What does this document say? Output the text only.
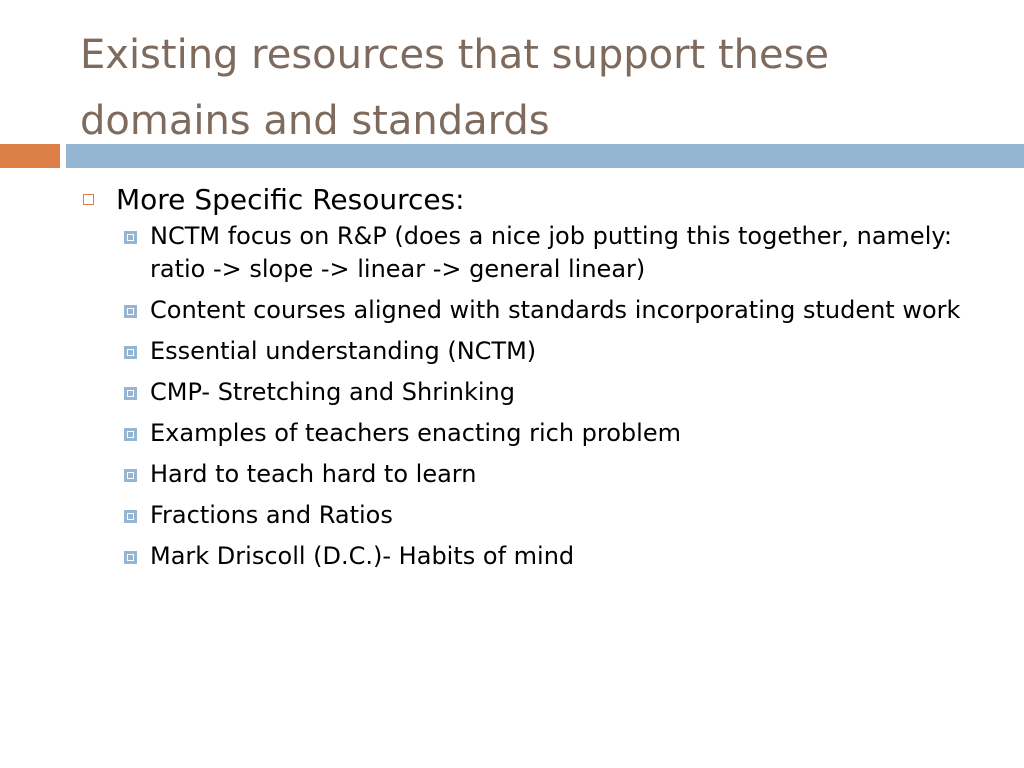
Existing resources that support these domains and standards
More Specific Resources:
NCTM focus on R&P (does a nice job putting this together, namely: ratio -> slope -> linear -> general linear)
Content courses aligned with standards incorporating student work
Essential understanding (NCTM)
CMP- Stretching and Shrinking
Examples of teachers enacting rich problem
Hard to teach hard to learn
Fractions and Ratios
Mark Driscoll (D.C.)- Habits of mind
